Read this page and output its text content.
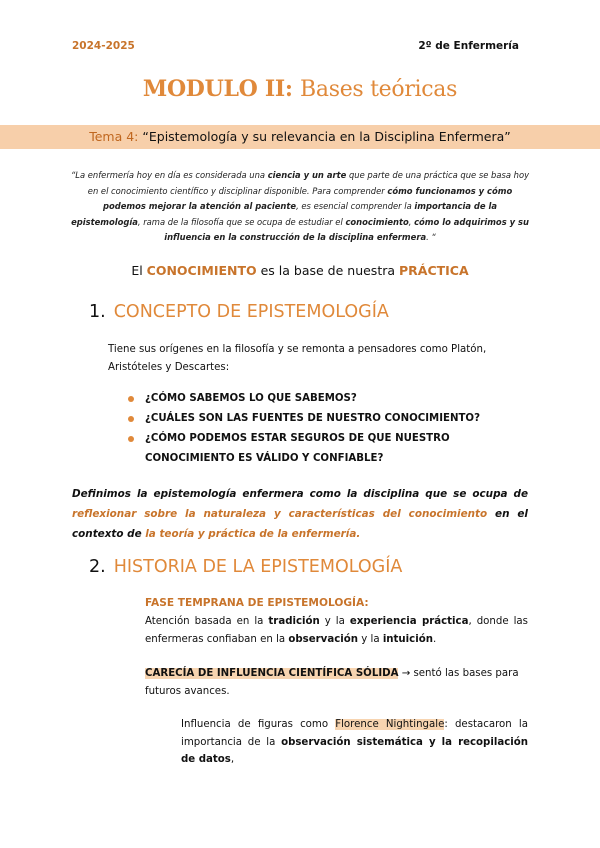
2024-2025	2º de Enfermería
MODULO II: Bases teóricas
Tema 4: “Epistemología y su relevancia en la Disciplina Enfermera”
“La enfermería hoy en día es considerada una ciencia y un arte que parte de una práctica que se basa hoy en el conocimiento científico y disciplinar disponible. Para comprender cómo funcionamos y cómo podemos mejorar la atención al paciente, es esencial comprender la importancia de la epistemología, rama de la filosofía que se ocupa de estudiar el conocimiento, cómo lo adquirimos y su influencia en la construcción de la disciplina enfermera. “
El CONOCIMIENTO es la base de nuestra PRÁCTICA
1. CONCEPTO DE EPISTEMOLOGÍA
Tiene sus orígenes en la filosofía y se remonta a pensadores como Platón, Aristóteles y Descartes:
¿CÓMO SABEMOS LO QUE SABEMOS?
¿CUÁLES SON LAS FUENTES DE NUESTRO CONOCIMIENTO?
¿CÓMO PODEMOS ESTAR SEGUROS DE QUE NUESTRO CONOCIMIENTO ES VÁLIDO Y CONFIABLE?
Definimos la epistemología enfermera como la disciplina que se ocupa de reflexionar sobre la naturaleza y características del conocimiento en el contexto de la teoría y práctica de la enfermería.
2. HISTORIA DE LA EPISTEMOLOGÍA
FASE TEMPRANA DE EPISTEMOLOGÍA:
Atención basada en la tradición y la experiencia práctica, donde las enfermeras confiaban en la observación y la intuición.
CARECÍA DE INFLUENCIA CIENTÍFICA SÓLIDA → sentó las bases para futuros avances.
Influencia de figuras como Florence Nightingale: destacaron la importancia de la observación sistemática y la recopilación de datos,
